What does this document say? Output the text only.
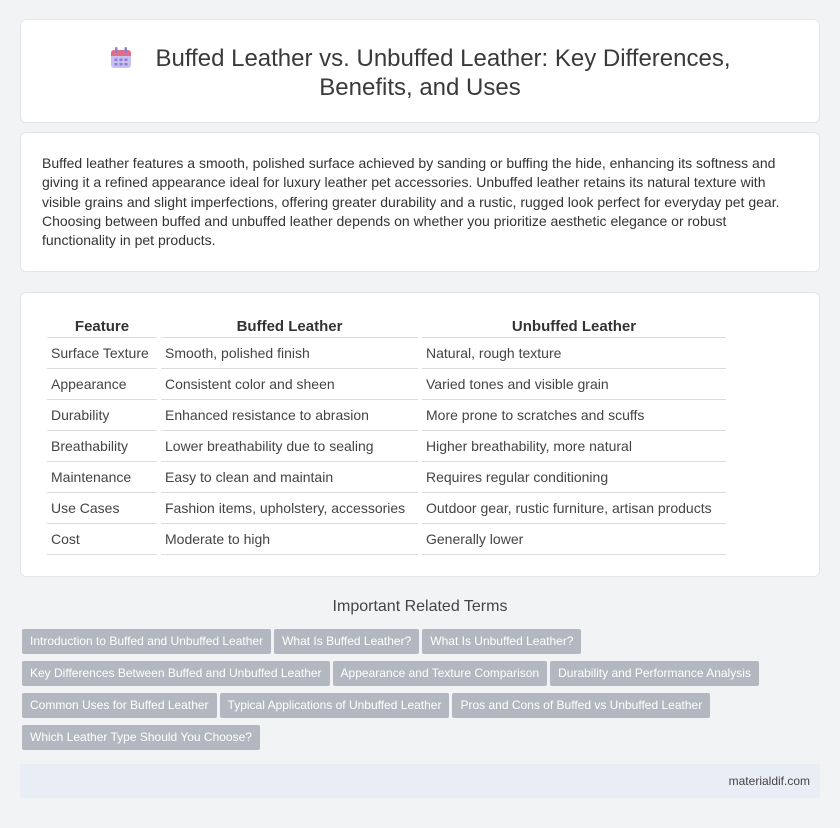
Buffed Leather vs. Unbuffed Leather: Key Differences, Benefits, and Uses

Buffed leather features a smooth, polished surface achieved by sanding or buffing the hide, enhancing its softness and giving it a refined appearance ideal for luxury leather pet accessories. Unbuffed leather retains its natural texture with visible grains and slight imperfections, offering greater durability and a rustic, rugged look perfect for everyday pet gear. Choosing between buffed and unbuffed leather depends on whether you prioritize aesthetic elegance or robust functionality in pet products.

Feature	Buffed Leather	Unbuffed Leather
Surface Texture	Smooth, polished finish	Natural, rough texture
Appearance	Consistent color and sheen	Varied tones and visible grain
Durability	Enhanced resistance to abrasion	More prone to scratches and scuffs
Breathability	Lower breathability due to sealing	Higher breathability, more natural
Maintenance	Easy to clean and maintain	Requires regular conditioning
Use Cases	Fashion items, upholstery, accessories	Outdoor gear, rustic furniture, artisan products
Cost	Moderate to high	Generally lower
Important Related Terms
Introduction to Buffed and Unbuffed Leather What Is Buffed Leather? What Is Unbuffed Leather?
Key Differences Between Buffed and Unbuffed Leather Appearance and Texture Comparison Durability and Performance Analysis
Common Uses for Buffed Leather Typical Applications of Unbuffed Leather Pros and Cons of Buffed vs Unbuffed Leather
Which Leather Type Should You Choose?
materialdif.com
